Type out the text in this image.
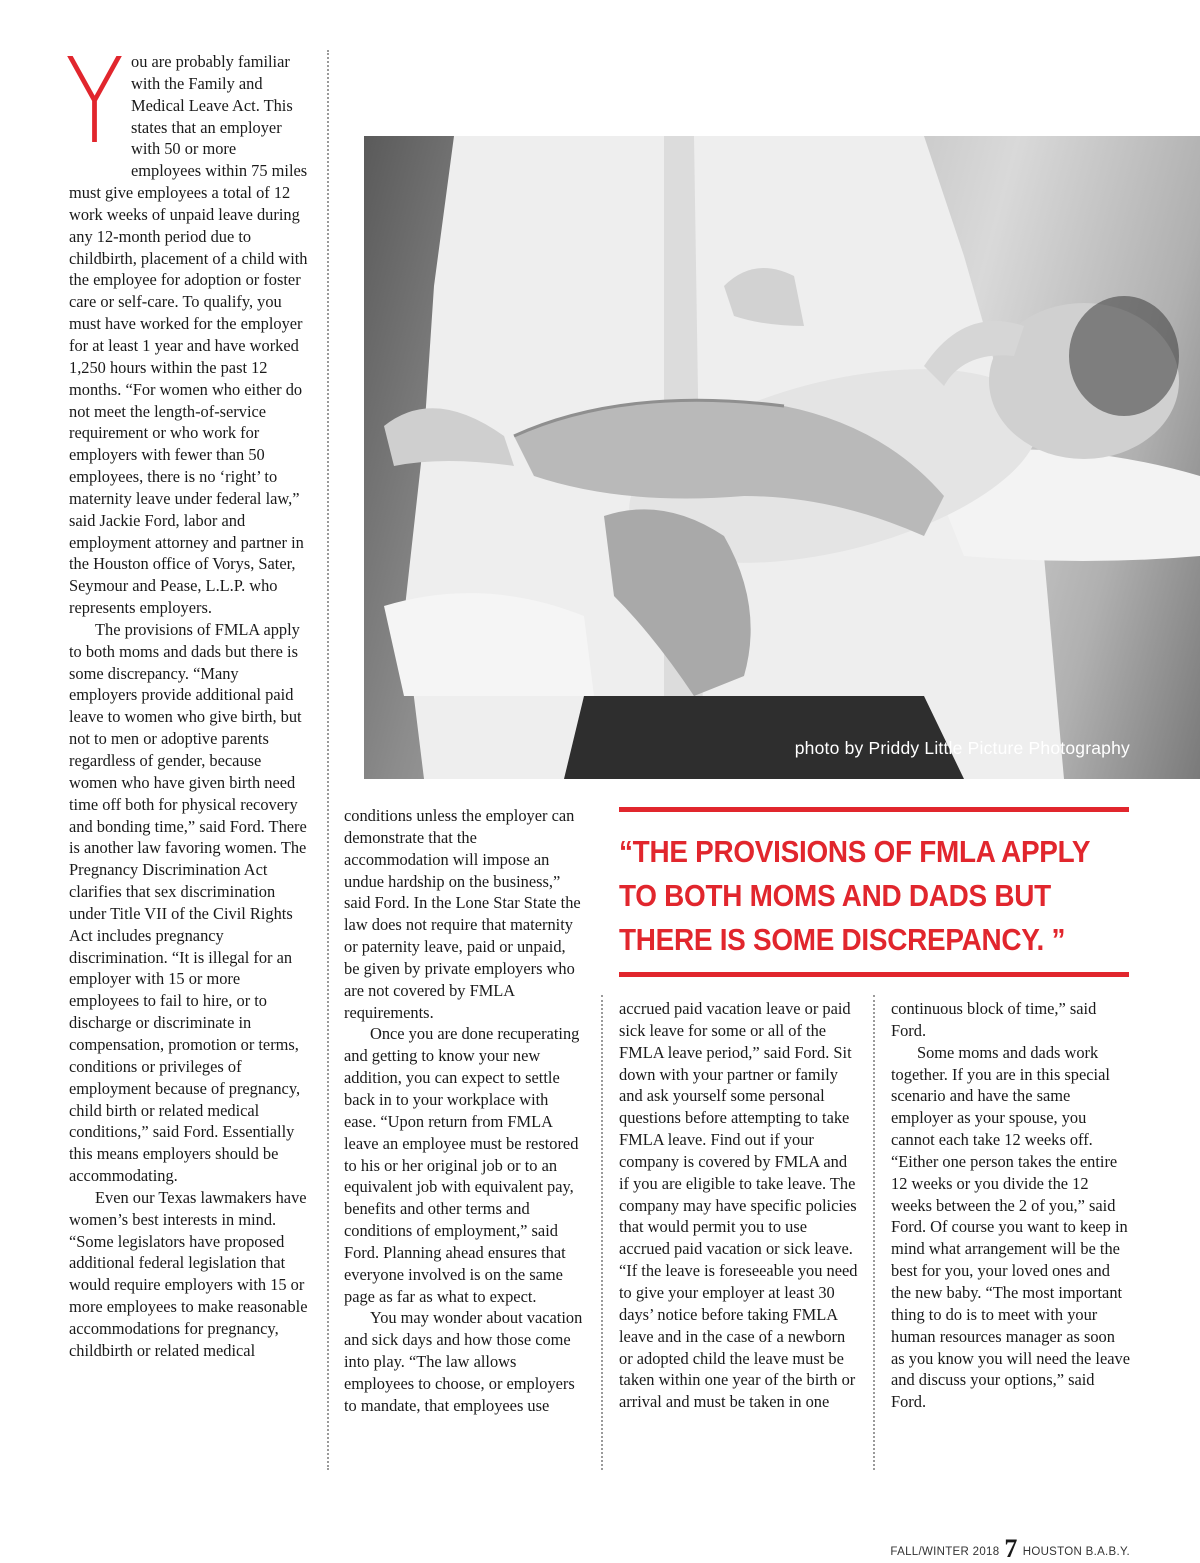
Y ou are probably familiar with the Family and Medical Leave Act. This states that an employer with 50 or more employees within 75 miles must give employees a total of 12 work weeks of unpaid leave during any 12-month period due to childbirth, placement of a child with the employee for adoption or foster care or self-care. To qualify, you must have worked for the employer for at least 1 year and have worked 1,250 hours within the past 12 months. “For women who either do not meet the length-of-service requirement or who work for employers with fewer than 50 employees, there is no ‘right’ to maternity leave under federal law,” said Jackie Ford, labor and employment attorney and partner in the Houston office of Vorys, Sater, Seymour and Pease, L.L.P. who represents employers.

The provisions of FMLA apply to both moms and dads but there is some discrepancy. “Many employers provide additional paid leave to women who give birth, but not to men or adoptive parents regardless of gender, because women who have given birth need time off both for physical recovery and bonding time,” said Ford. There is another law favoring women. The Pregnancy Discrimination Act clarifies that sex discrimination under Title VII of the Civil Rights Act includes pregnancy discrimination. “It is illegal for an employer with 15 or more employees to fail to hire, or to discharge or discriminate in compensation, promotion or terms, conditions or privileges of employment because of pregnancy, child birth or related medical conditions,” said Ford. Essentially this means employers should be accommodating.

Even our Texas lawmakers have women’s best interests in mind. “Some legislators have proposed additional federal legislation that would require employers with 15 or more employees to make reasonable accommodations for pregnancy, childbirth or related medical

photo by Priddy Little Picture Photography
“THE PROVISIONS OF FMLA APPLY TO BOTH MOMS AND DADS BUT THERE IS SOME DISCREPANCY. ”

conditions unless the employer can demonstrate that the accommodation will impose an undue hardship on the business,” said Ford. In the Lone Star State the law does not require that maternity or paternity leave, paid or unpaid, be given by private employers who are not covered by FMLA requirements.

Once you are done recuperating and getting to know your new addition, you can expect to settle back in to your workplace with ease. “Upon return from FMLA leave an employee must be restored to his or her original job or to an equivalent job with equivalent pay, benefits and other terms and conditions of employment,” said Ford. Planning ahead ensures that everyone involved is on the same page as far as what to expect.

You may wonder about vacation and sick days and how those come into play. “The law allows employees to choose, or employers to mandate, that employees use

accrued paid vacation leave or paid sick leave for some or all of the FMLA leave period,” said Ford. Sit down with your partner or family and ask yourself some personal questions before attempting to take FMLA leave. Find out if your company is covered by FMLA and if you are eligible to take leave. The company may have specific policies that would permit you to use accrued paid vacation or sick leave. “If the leave is foreseeable you need to give your employer at least 30 days’ notice before taking FMLA leave and in the case of a newborn or adopted child the leave must be taken within one year of the birth or arrival and must be taken in one

continuous block of time,” said Ford.

Some moms and dads work together. If you are in this special scenario and have the same employer as your spouse, you cannot each take 12 weeks off. “Either one person takes the entire 12 weeks or you divide the 12 weeks between the 2 of you,” said Ford. Of course you want to keep in mind what arrangement will be the best for you, your loved ones and the new baby. “The most important thing to do is to meet with your human resources manager as soon as you know you will need the leave and discuss your options,” said Ford.

FALL/WINTER 2018 7 HOUSTON B.A.B.Y.
